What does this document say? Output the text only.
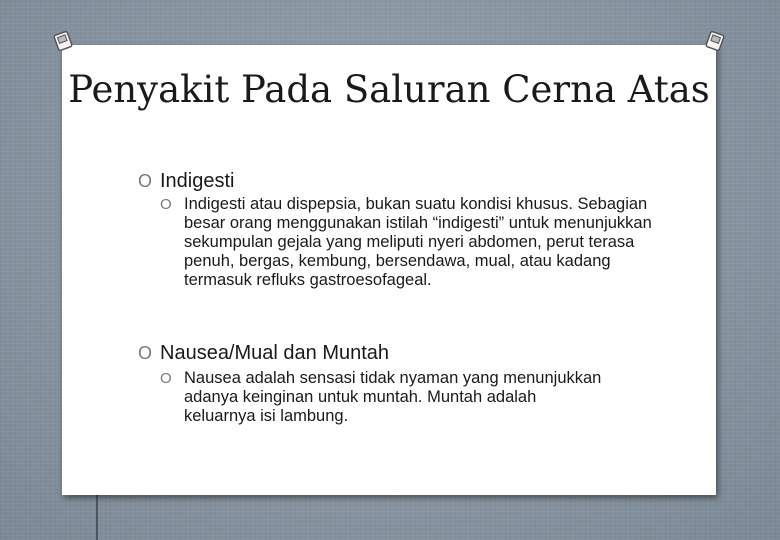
Penyakit Pada Saluran Cerna Atas
O Indigesti
O Indigesti atau dispepsia, bukan suatu kondisi khusus. Sebagian besar orang menggunakan istilah “indigesti” untuk menunjukkan sekumpulan gejala yang meliputi nyeri abdomen, perut terasa penuh, bergas, kembung, bersendawa, mual, atau kadang termasuk refluks gastroesofageal.
O Nausea/Mual dan Muntah
O Nausea adalah sensasi tidak nyaman yang menunjukkan adanya keinginan untuk muntah. Muntah adalah keluarnya isi lambung.
